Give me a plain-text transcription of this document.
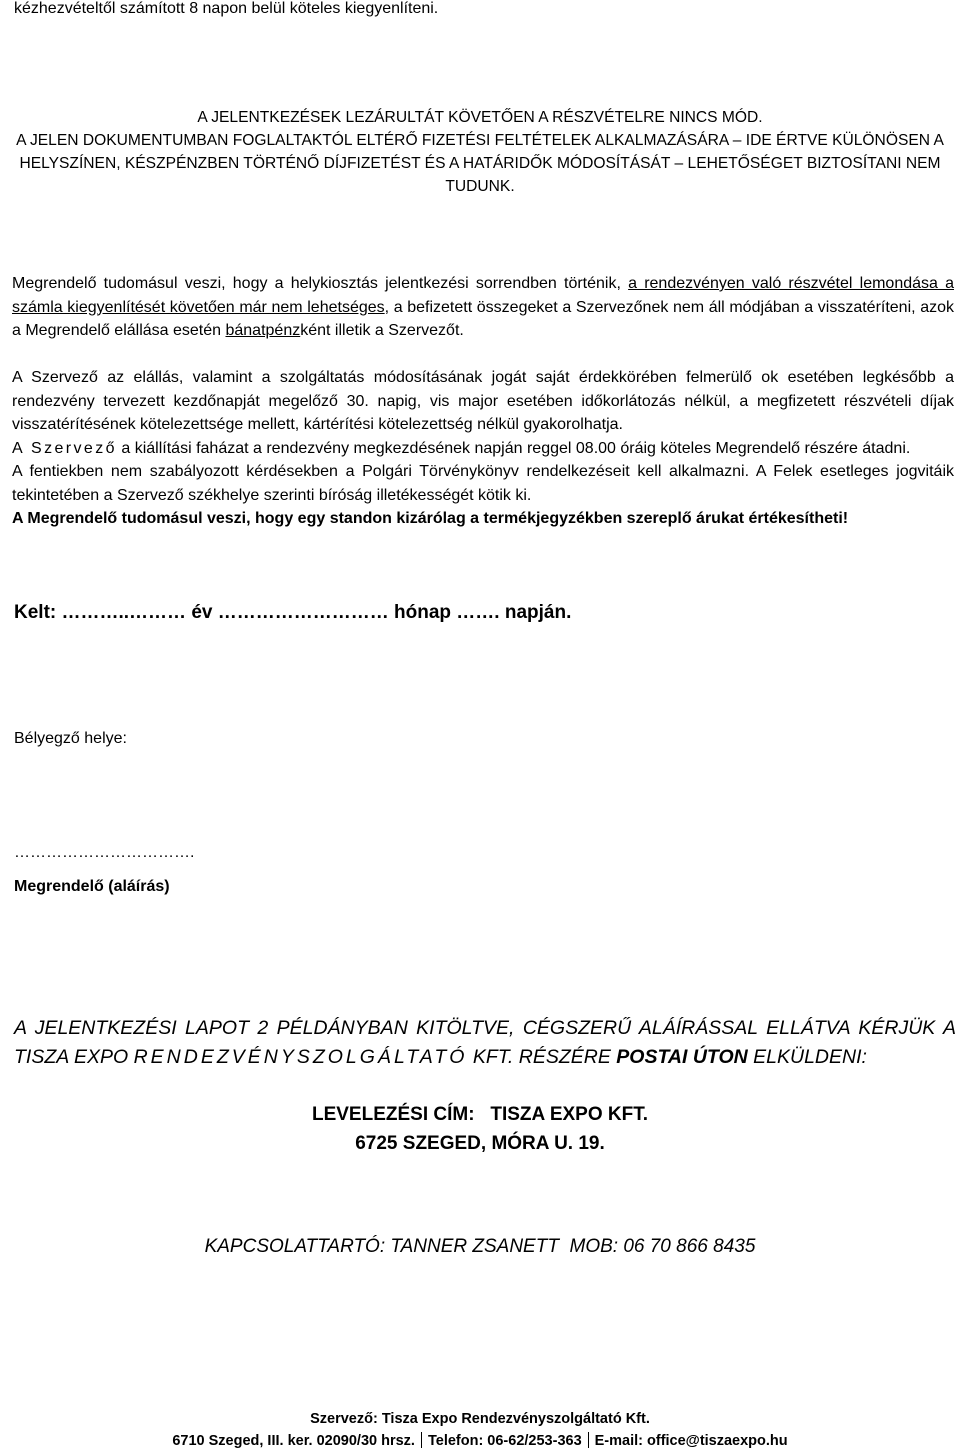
kézhezvételtől számított 8 napon belül köteles kiegyenlíteni.
A JELENTKEZÉSEK LEZÁRULTÁT KÖVETŐEN A RÉSZVÉTELRE NINCS MÓD.
A JELEN DOKUMENTUMBAN FOGLALTAKTÓL ELTÉRŐ FIZETÉSI FELTÉTELEK ALKALMAZÁSÁRA – IDE ÉRTVE KÜLÖNÖSEN A HELYSZÍNEN, KÉSZPÉNZBEN TÖRTÉNŐ DÍJFIZETÉST ÉS A HATÁRIDŐK MÓDOSÍTÁSÁT – LEHETŐSÉGET BIZTOSÍTANI NEM TUDUNK.
Megrendelő tudomásul veszi, hogy a helykiosztás jelentkezési sorrendben történik, a rendezvényen való részvétel lemondása a számla kiegyenlítését követően már nem lehetséges, a befizetett összegeket a Szervezőnek nem áll módjában a visszatéríteni, azok a Megrendelő elállása esetén bánatpénzként illetik a Szervezőt.
A Szervező az elállás, valamint a szolgáltatás módosításának jogát saját érdekkörében felmerülő ok esetében legkésőbb a rendezvény tervezett kezdőnapját megelőző 30. napig, vis major esetében időkorlátozás nélkül, a megfizetett részvételi díjak visszatérítésének kötelezettsége mellett, kártérítési kötelezettség nélkül gyakorolhatja.
A Szervező a kiállítási faházat a rendezvény megkezdésének napján reggel 08.00 óráig köteles Megrendelő részére átadni.
A fentiekben nem szabályozott kérdésekben a Polgári Törvénykönyv rendelkezéseit kell alkalmazni. A Felek esetleges jogvitáik tekintetében a Szervező székhelye szerinti bíróság illetékességét kötik ki.
A Megrendelő tudomásul veszi, hogy egy standon kizárólag a termékjegyzékben szereplő árukat értékesítheti!
Kelt: ………..……… év ……………………… hónap ……. napján.
Bélyegző helye:
…………………………….
Megrendelő (aláírás)
A JELENTKEZÉSI LAPOT 2 PÉLDÁNYBAN KITÖLTVE, CÉGSZERŰ ALÁÍRÁSSAL ELLÁTVA KÉRJÜK A TISZA EXPO RENDEZVÉNYSZOLGÁLTATÓ KFT. RÉSZÉRE POSTAI ÚTON ELKÜLDENI:
LEVELEZÉSI CÍM:   TISZA EXPO KFT.
6725 SZEGED, MÓRA U. 19.
KAPCSOLATTARTÓ: TANNER ZSANETT  MOB: 06 70 866 8435
Szervező: Tisza Expo Rendezvényszolgáltató Kft.
6710 Szeged, III. ker. 02090/30 hrsz. Telefon: 06-62/253-363 E-mail: office@tiszaexpo.hu
